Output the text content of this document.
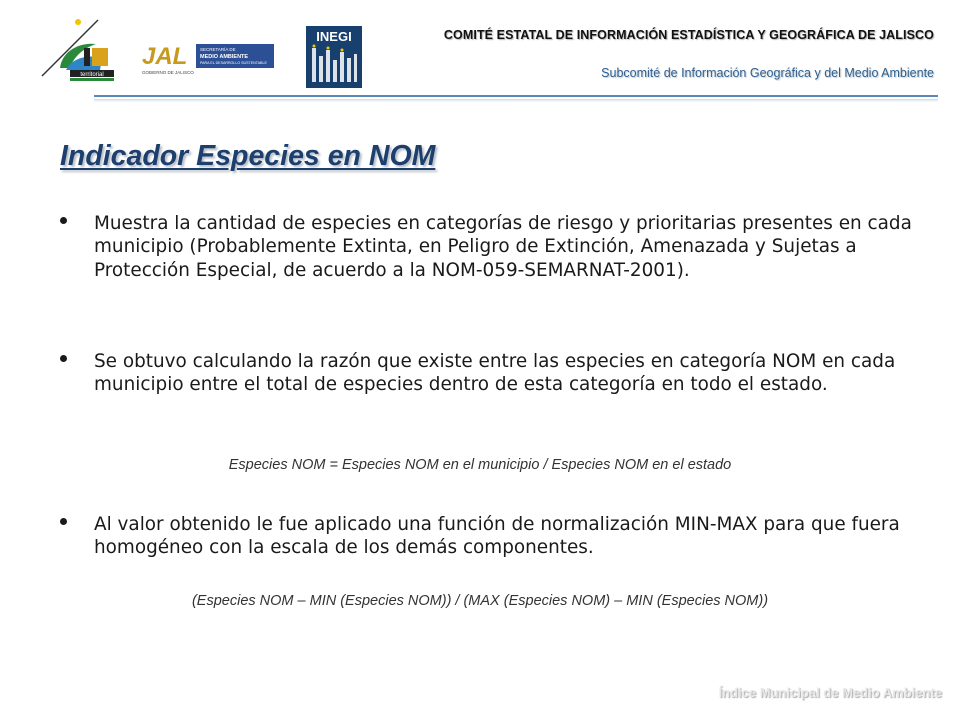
territorial
JAL
GOBIERNO DE JALISCO
SECRETARÍA DE
MEDIO AMBIENTE
PARA EL DESARROLLO SUSTENTABLE
INEGI	COMITÉ ESTATAL DE INFORMACIÓN ESTADÍSTICA Y GEOGRÁFICA DE JALISCO
Subcomité de Información Geográfica y del Medio Ambiente
Indicador Especies en NOM
Muestra la cantidad de especies en categorías de riesgo y prioritarias presentes en cada municipio (Probablemente Extinta, en Peligro de Extinción, Amenazada y Sujetas a Protección Especial, de acuerdo a la NOM-059-SEMARNAT-2001).
Se obtuvo calculando la razón que existe entre las especies en categoría NOM en cada municipio entre el total de especies dentro de esta categoría en todo el estado.
Especies NOM = Especies NOM en el municipio / Especies NOM en el estado
Al valor obtenido le fue aplicado una función de normalización MIN-MAX para que fuera homogéneo con la escala de los demás componentes.
(Especies NOM – MIN (Especies NOM)) / (MAX (Especies NOM) – MIN (Especies NOM))
Índice Municipal de Medio Ambiente
